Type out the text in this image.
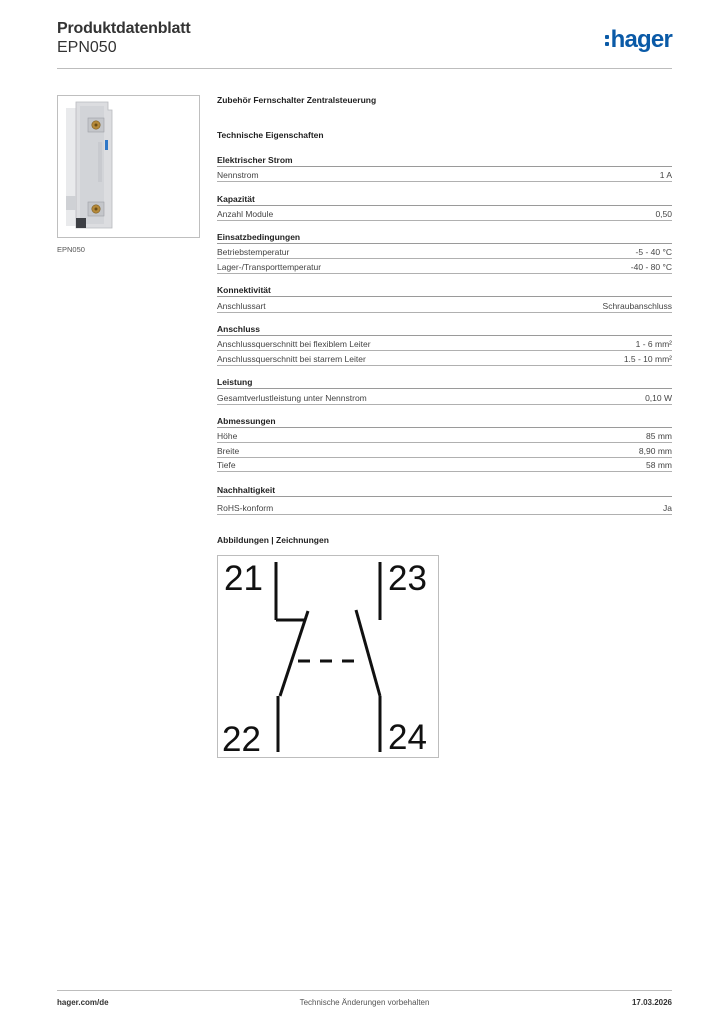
Produktdatenblatt
EPN050	hager
EPN050
Zubehör Fernschalter Zentralsteuerung
Technische Eigenschaften
Elektrischer Strom
Nennstrom	1 A
Kapazität
Anzahl Module	0,50
Einsatzbedingungen
Betriebstemperatur	-5 - 40 °C
Lager-/Transporttemperatur	-40 - 80 °C
Konnektivität
Anschlussart	Schraubanschluss
Anschluss
Anschlussquerschnitt bei flexiblem Leiter	1 - 6 mm²
Anschlussquerschnitt bei starrem Leiter	1.5 - 10 mm²
Leistung
Gesamtverlustleistung unter Nennstrom	0,10 W
Abmessungen
Höhe	85 mm
Breite	8,90 mm
Tiefe	58 mm
Nachhaltigkeit
RoHS-konform	Ja
Abbildungen | Zeichnungen
21	23
22	24
hager.com/de	Technische Änderungen vorbehalten	17.03.2026
